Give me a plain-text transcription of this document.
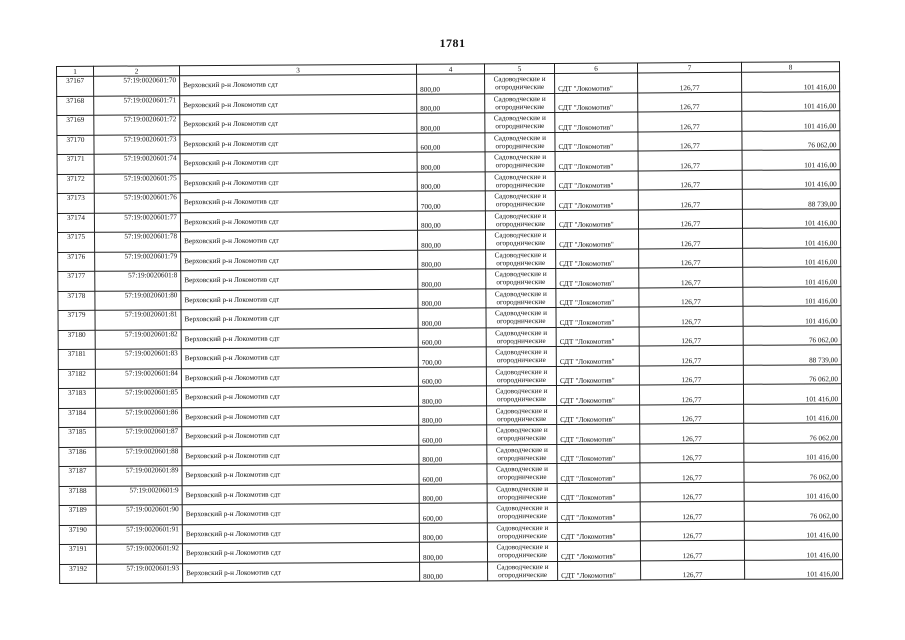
1781
1	2	3	4	5	6	7	8
37167	57:19:0020601:70	Верховский р-н Локомотив сдт	800,00	Садоводческие и
огороднические	СДТ "Локомотив"	126,77	101 416,00
37168	57:19:0020601:71	Верховский р-н Локомотив сдт	800,00	Садоводческие и
огороднические	СДТ "Локомотив"	126,77	101 416,00
37169	57:19:0020601:72	Верховский р-н Локомотив сдт	800,00	Садоводческие и
огороднические	СДТ "Локомотив"	126,77	101 416,00
37170	57:19:0020601:73	Верховский р-н Локомотив сдт	600,00	Садоводческие и
огороднические	СДТ "Локомотив"	126,77	76 062,00
37171	57:19:0020601:74	Верховский р-н Локомотив сдт	800,00	Садоводческие и
огороднические	СДТ "Локомотив"	126,77	101 416,00
37172	57:19:0020601:75	Верховский р-н Локомотив сдт	800,00	Садоводческие и
огороднические	СДТ "Локомотив"	126,77	101 416,00
37173	57:19:0020601:76	Верховский р-н Локомотив сдт	700,00	Садоводческие и
огороднические	СДТ "Локомотив"	126,77	88 739,00
37174	57:19:0020601:77	Верховский р-н Локомотив сдт	800,00	Садоводческие и
огороднические	СДТ "Локомотив"	126,77	101 416,00
37175	57:19:0020601:78	Верховский р-н Локомотив сдт	800,00	Садоводческие и
огороднические	СДТ "Локомотив"	126,77	101 416,00
37176	57:19:0020601:79	Верховский р-н Локомотив сдт	800,00	Садоводческие и
огороднические	СДТ "Локомотив"	126,77	101 416,00
37177	57:19:0020601:8	Верховский р-н Локомотив сдт	800,00	Садоводческие и
огороднические	СДТ "Локомотив"	126,77	101 416,00
37178	57:19:0020601:80	Верховский р-н Локомотив сдт	800,00	Садоводческие и
огороднические	СДТ "Локомотив"	126,77	101 416,00
37179	57:19:0020601:81	Верховский р-н Локомотив сдт	800,00	Садоводческие и
огороднические	СДТ "Локомотив"	126,77	101 416,00
37180	57:19:0020601:82	Верховский р-н Локомотив сдт	600,00	Садоводческие и
огороднические	СДТ "Локомотив"	126,77	76 062,00
37181	57:19:0020601:83	Верховский р-н Локомотив сдт	700,00	Садоводческие и
огороднические	СДТ "Локомотив"	126,77	88 739,00
37182	57:19:0020601:84	Верховский р-н Локомотив сдт	600,00	Садоводческие и
огороднические	СДТ "Локомотив"	126,77	76 062,00
37183	57:19:0020601:85	Верховский р-н Локомотив сдт	800,00	Садоводческие и
огороднические	СДТ "Локомотив"	126,77	101 416,00
37184	57:19:0020601:86	Верховский р-н Локомотив сдт	800,00	Садоводческие и
огороднические	СДТ "Локомотив"	126,77	101 416,00
37185	57:19:0020601:87	Верховский р-н Локомотив сдт	600,00	Садоводческие и
огороднические	СДТ "Локомотив"	126,77	76 062,00
37186	57:19:0020601:88	Верховский р-н Локомотив сдт	800,00	Садоводческие и
огороднические	СДТ "Локомотив"	126,77	101 416,00
37187	57:19:0020601:89	Верховский р-н Локомотив сдт	600,00	Садоводческие и
огороднические	СДТ "Локомотив"	126,77	76 062,00
37188	57:19:0020601:9	Верховский р-н Локомотив сдт	800,00	Садоводческие и
огороднические	СДТ "Локомотив"	126,77	101 416,00
37189	57:19:0020601:90	Верховский р-н Локомотив сдт	600,00	Садоводческие и
огороднические	СДТ "Локомотив"	126,77	76 062,00
37190	57:19:0020601:91	Верховский р-н Локомотив сдт	800,00	Садоводческие и
огороднические	СДТ "Локомотив"	126,77	101 416,00
37191	57:19:0020601:92	Верховский р-н Локомотив сдт	800,00	Садоводческие и
огороднические	СДТ "Локомотив"	126,77	101 416,00
37192	57:19:0020601:93	Верховский р-н Локомотив сдт	800,00	Садоводческие и
огороднические	СДТ "Локомотив"	126,77	101 416,00
